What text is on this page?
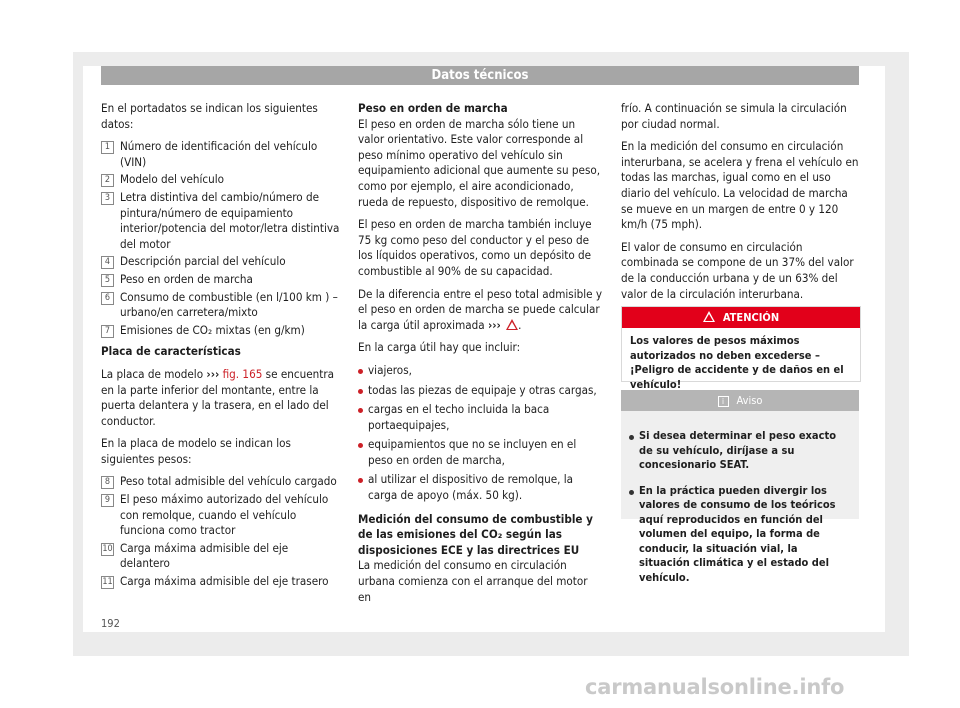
Datos técnicos

En el portadatos se indican los siguientes datos:

1 Número de identificación del vehículo (VIN)

2 Modelo del vehículo

3 Letra distintiva del cambio/número de pintura/número de equipamiento interior/potencia del motor/letra distintiva del motor

4 Descripción parcial del vehículo

5 Peso en orden de marcha

6 Consumo de combustible (en l/100 km ) – urbano/en carretera/mixto

7 Emisiones de CO₂ mixtas (en g/km)

Placa de características

La placa de modelo ››› fig. 165 se encuentra en la parte inferior del montante, entre la puerta delantera y la trasera, en el lado del conductor.

En la placa de modelo se indican los siguientes pesos:

8 Peso total admisible del vehículo cargado

9 El peso máximo autorizado del vehículo con remolque, cuando el vehículo funciona como tractor

10 Carga máxima admisible del eje delantero

11 Carga máxima admisible del eje trasero

Peso en orden de marcha

El peso en orden de marcha sólo tiene un valor orientativo. Este valor corresponde al peso mínimo operativo del vehículo sin equipamiento adicional que aumente su peso, como por ejemplo, el aire acondicionado, rueda de repuesto, dispositivo de remolque.

El peso en orden de marcha también incluye 75 kg como peso del conductor y el peso de los líquidos operativos, como un depósito de combustible al 90% de su capacidad.

De la diferencia entre el peso total admisible y el peso en orden de marcha se puede calcular la carga útil aproximada ››› .

En la carga útil hay que incluir:

viajeros,

todas las piezas de equipaje y otras cargas,

cargas en el techo incluida la baca portaequipajes,

equipamientos que no se incluyen en el peso en orden de marcha,

al utilizar el dispositivo de remolque, la carga de apoyo (máx. 50 kg).

Medición del consumo de combustible y de las emisiones del CO₂ según las disposiciones ECE y las directrices EU

La medición del consumo en circulación urbana comienza con el arranque del motor en

frío. A continuación se simula la circulación por ciudad normal.

En la medición del consumo en circulación interurbana, se acelera y frena el vehículo en todas las marchas, igual como en el uso diario del vehículo. La velocidad de marcha se mueve en un margen de entre 0 y 120 km/h (75 mph).

El valor de consumo en circulación combinada se compone de un 37% del valor de la conducción urbana y de un 63% del valor de la circulación interurbana.

ATENCIÓN
Los valores de pesos máximos autorizados no deben excederse – ¡Peligro de accidente y de daños en el vehículo!
i Aviso

Si desea determinar el peso exacto de su vehículo, diríjase a su concesionario SEAT.

En la práctica pueden divergir los valores de consumo de los teóricos aquí reproducidos en función del volumen del equipo, la forma de conducir, la situación vial, la situación climática y el estado del vehículo.

192
carmanualsonline.info
